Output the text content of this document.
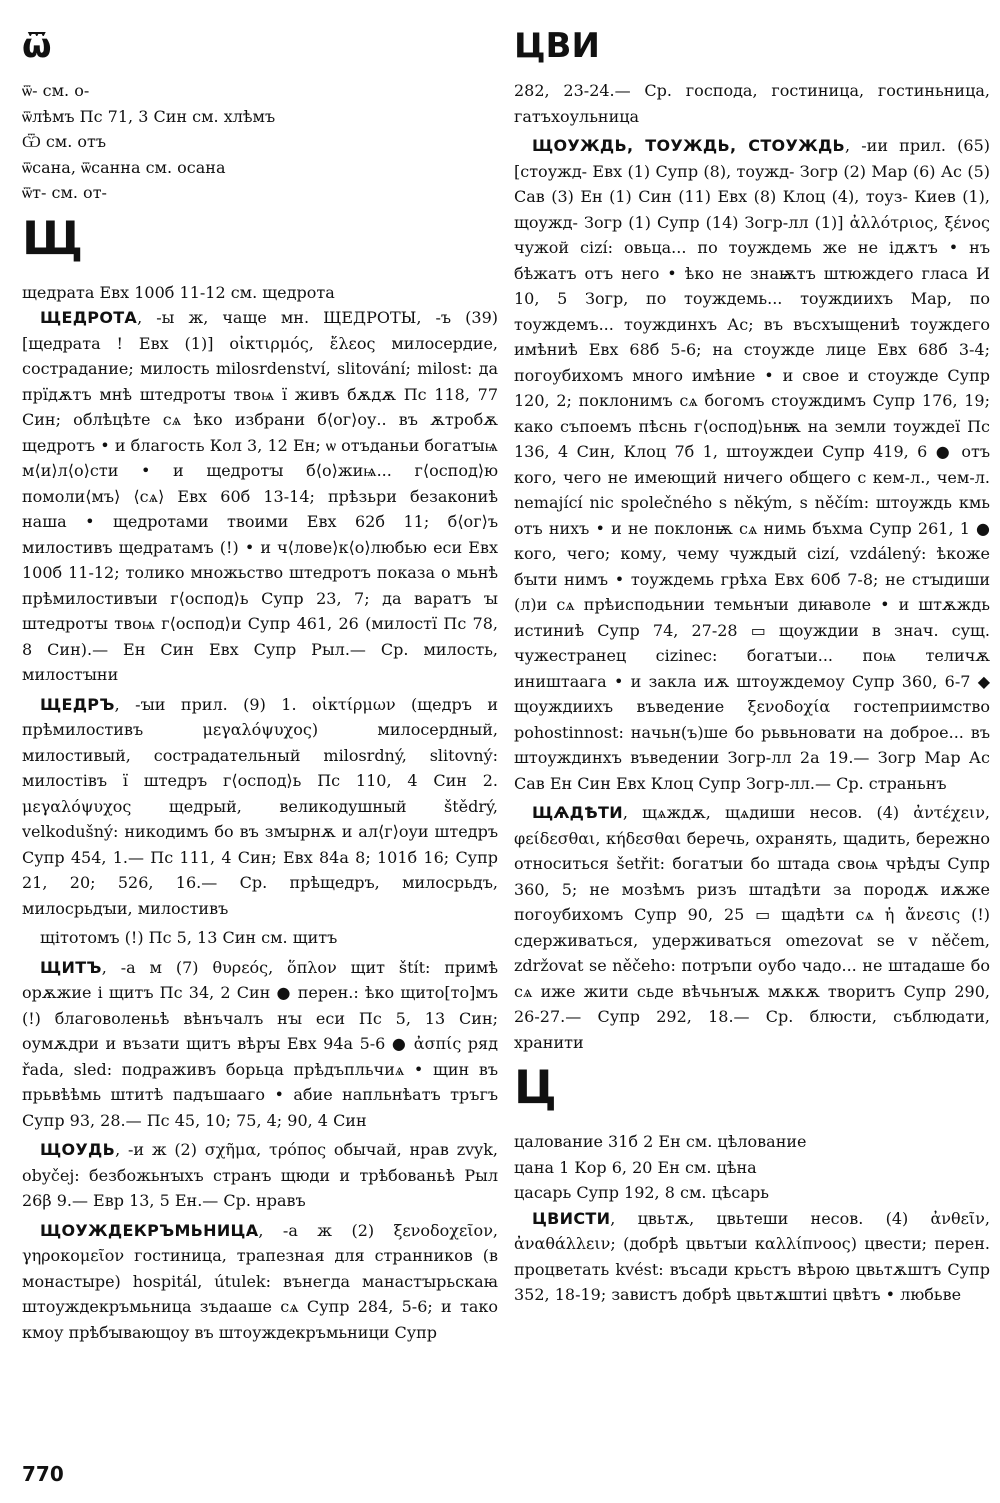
ѿ
ѿ- см. о-
ѿлѣмъ Пс 71, 3 Син см. хлѣмъ
Ѿ см. отъ
ѿсана, ѿсанна см. осана
ѿт- см. от-
Щ
щедрата Евх 100б 11-12 см. щедрота

ЩЕДРОТА, -ы ж, чаще мн. ЩЕДРОТЫ, -ъ (39) [щедрата ! Евх (1)] οἰκτιρμός, ἔλεος милосердие, сострадание; милость milosrdenství, slitování; milost: да прїдѫтъ мнѣ штедротꙑ твоѩ ї живъ бѫдѫ Пс 118, 77 Син; облѣцѣте сѧ ѣко избрани б⟨ог⟩оу.. въ ѫтробѫ щедротъ • и благость Кол 3, 12 Ен; ѡ отъданьи богатꙑѩ м⟨и⟩л⟨о⟩сти • и щедротꙑ б⟨о⟩жиѩ... г⟨оспод⟩ю помоли⟨мъ⟩ ⟨сѧ⟩ Евх 60б 13-14; прѣзьри безакониѣ наша • щедротами твоими Евх 62б 11; б⟨ог⟩ъ милостивъ щедратамъ (!) • и ч⟨лове⟩к⟨о⟩любью еси Евх 100б 11-12; толико множьство штедротъ показа о мьнѣ прѣмилостивꙑи г⟨оспод⟩ь Супр 23, 7; да варатъ ꙑ штедротꙑ твоѩ г⟨оспод⟩и Супр 461, 26 (милостї Пс 78, 8 Син).— Ен Син Евх Супр Рыл.— Ср. милость, милостꙑни

ЩЕДРЪ, -ꙑи прил. (9) 1. οἰκτίρμων (щедръ и прѣмилостивъ μεγαλόψυχος) милосердный, милостивый, сострадательный milosrdný, slitovný: милостівъ ї штедръ г⟨оспод⟩ь Пс 110, 4 Син 2. μεγαλόψυχος щедрый, великодушный štědrý, velkodušný: никодимъ бо въ змꙑрнѫ и ал⟨г⟩оуи штедръ Супр 454, 1.— Пс 111, 4 Син; Евх 84а 8; 101б 16; Супр 21, 20; 526, 16.— Ср. прѣщедръ, милосрьдъ, милосрьдꙑи, милостивъ

щітотомъ (!) Пс 5, 13 Син см. щитъ

ЩИТЪ, -а м (7) θυρεός, ὅπλον щит štít: примѣ орѫжие і щитъ Пс 34, 2 Син ● перен.: ѣко щито[то]мъ (!) благоволеньѣ вѣнъчалъ нꙑ еси Пс 5, 13 Син; оумѫдри и възати щитъ вѣрꙑ Евх 94а 5-6 ● ἀσπίς ряд řada, sled: подраживъ борьца прѣдъпльчиѧ • щин въ прьвѣѣмь штитѣ падъшааго • абие напльнѣатъ тръгъ Супр 93, 28.— Пс 45, 10; 75, 4; 90, 4 Син

ЩОУДЬ, -и ж (2) σχῆμα, τρόπος обычай, нрав zvyk, obyčej: безбожьнꙑхъ странъ щюди и трѣбованьѣ Рыл 26β 9.— Евр 13, 5 Ен.— Ср. нравъ

ЩОУЖДЕКРЪМЬНИЦА, -а ж (2) ξενοδοχεῖον, γηροκομεῖον гостиница, трапезная для странников (в монастыре) hospitál, útulek: вънегда манастꙑрьскаꙗ штоуждекръмьница зъдааше сѧ Супр 284, 5-6; и тако кмоу прѣбꙑвающоу въ штоуждекръмьници Супр

ЦВИ

282, 23-24.— Ср. господа, гостиница, гостиньница, гатъхоульница

ЩОУЖДЬ, ТОУЖДЬ, СТОУЖДЬ, -ии прил. (65) [стоужд- Евх (1) Супр (8), тоужд- Зогр (2) Мар (6) Ас (5) Сав (3) Ен (1) Син (11) Евх (8) Клоц (4), тоуз- Киев (1), щоужд- Зогр (1) Супр (14) Зогр-лл (1)] ἀλλότριος, ξένος чужой cizí: овьца... по тоуждемь же не ідѫтъ • нъ бѣжатъ отъ него • ѣко не знаѭтъ штюждего гласа И 10, 5 Зогр, по тоуждемь... тоуждиихъ Мар, по тоуждемъ... тоуждинхъ Ас; въ въсхꙑщениѣ тоуждего имѣниѣ Евх 68б 5-6; на стоужде лице Евх 68б 3-4; погоубихомъ много имѣние • и свое и стоужде Супр 120, 2; поклонимъ сѧ богомъ стоуждимъ Супр 176, 19; како съпоемъ пѣснь г⟨оспод⟩ьнѭ на земли тоуждеї Пс 136, 4 Син, Клоц 7б 1, штоуждеи Супр 419, 6 ● отъ кого, чего не имеющий ничего общего с кем-л., чем-л. nemající nic společného s někým, s něčím: штоуждь кмь отъ нихъ • и не поклонѭ сѧ нимь бъхма Супр 261, 1 ● кого, чего; кому, чему чуждый cizí, vzdálený: ѣкоже бꙑти нимъ • тоуждемь грѣха Евх 60б 7-8; не стꙑдиши (л)и сѧ прѣисподьнии темьнꙑи диꙗволе • и штѫждь истиниѣ Супр 74, 27-28 ▭ щоуждии в знач. сущ. чужестранец cizinec: богатꙑи... поѩ теличѫ иништаага • и закла иѫ штоуждемоу Супр 360, 6-7 ◆ щоуждиихъ въведение ξενοδοχία гостеприимство pohostinnost: начьн(ъ)ше бо рьвьновати на доброе... въ штоуждинхъ въведении Зогр-лл 2а 19.— Зогр Мар Ас Сав Ен Син Евх Клоц Супр Зогр-лл.— Ср. страньнъ

ЩѦДѢТИ, щѧждѫ, щѧдиши несов. (4) ἀντέχειν, φείδεσθαι, κήδεσθαι беречь, охранять, щадить, бережно относиться šetřit: богатꙑи бо штада своѩ чрѣдꙑ Супр 360, 5; не мозѣмъ ризъ штадѣти за породѫ иѫже погоубихомъ Супр 90, 25 ▭ щадѣти сѧ ἡ ἄνεσις (!) сдерживаться, удерживаться omezovat se v něčem, zdržovat se něčeho: потръпи оубо чадо... не штадаше бо сѧ иже жити сьде вѣчьнꙑѫ мѫкѫ творитъ Супр 290, 26-27.— Супр 292, 18.— Ср. блюсти, съблюдати, хранити

Ц
цалование 31б 2 Ен см. цѣлование
цана 1 Кор 6, 20 Ен см. цѣна
цасарь Супр 192, 8 см. цѣсарь

ЦВИСТИ, цвьтѫ, цвьтеши несов. (4) ἀνθεῖν, ἀναθάλλειν; (добрѣ цвьтꙑи καλλίπνοος) цвести; перен. процветать kvést: въсади крьстъ вѣрою цвьтѫштъ Супр 352, 18-19; завистъ добрѣ цвьтѫштиі цвѣтъ • любьве

770
